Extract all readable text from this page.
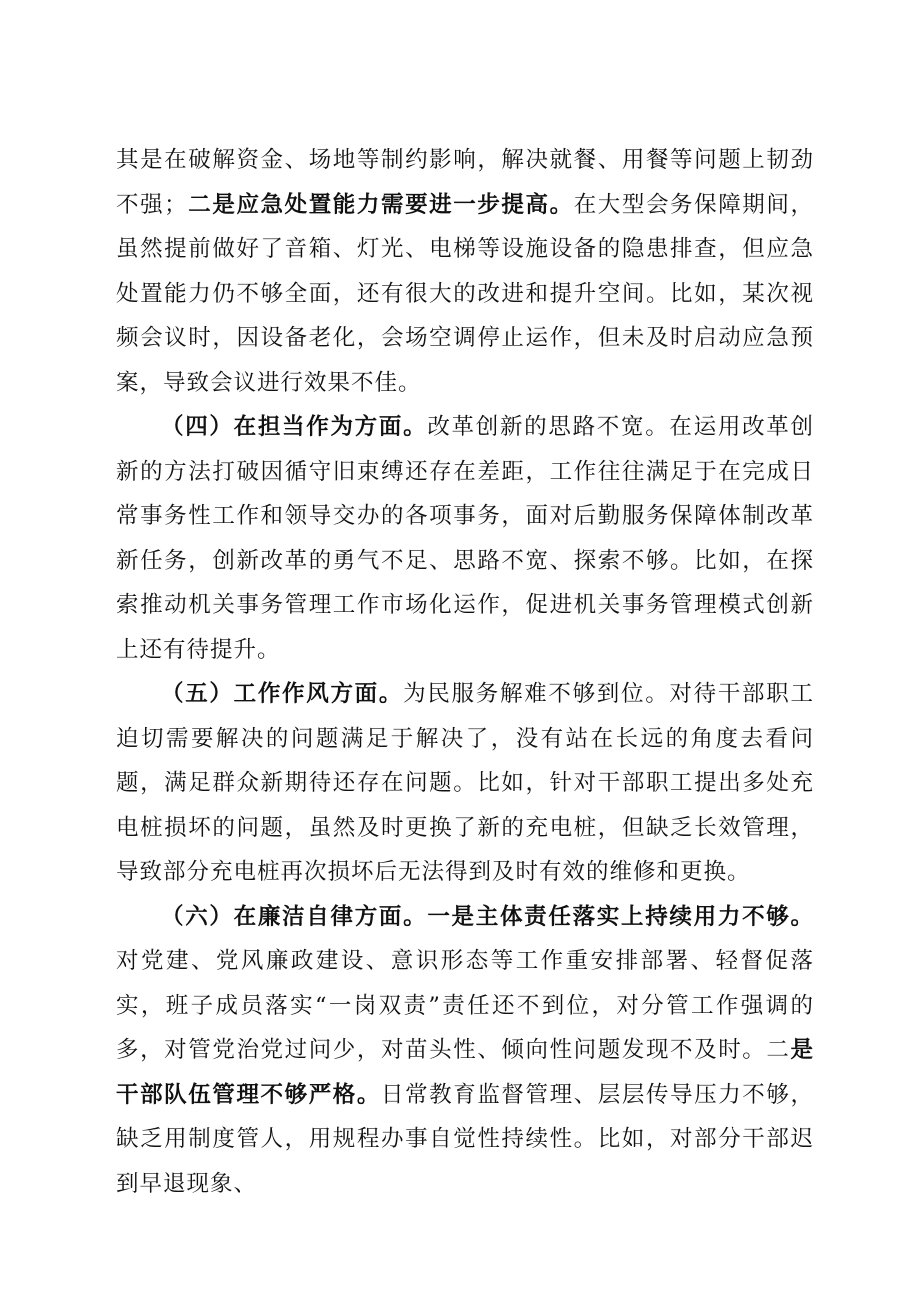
其是在破解资金、场地等制约影响，解决就餐、用餐等问题上韧劲不强；二是应急处置能力需要进一步提高。在大型会务保障期间，虽然提前做好了音箱、灯光、电梯等设施设备的隐患排查，但应急处置能力仍不够全面，还有很大的改进和提升空间。比如，某次视频会议时，因设备老化，会场空调停止运作，但未及时启动应急预案，导致会议进行效果不佳。

（四）在担当作为方面。改革创新的思路不宽。在运用改革创新的方法打破因循守旧束缚还存在差距，工作往往满足于在完成日常事务性工作和领导交办的各项事务，面对后勤服务保障体制改革新任务，创新改革的勇气不足、思路不宽、探索不够。比如，在探索推动机关事务管理工作市场化运作，促进机关事务管理模式创新上还有待提升。

（五）工作作风方面。为民服务解难不够到位。对待干部职工迫切需要解决的问题满足于解决了，没有站在长远的角度去看问题，满足群众新期待还存在问题。比如，针对干部职工提出多处充电桩损坏的问题，虽然及时更换了新的充电桩，但缺乏长效管理，导致部分充电桩再次损坏后无法得到及时有效的维修和更换。

（六）在廉洁自律方面。一是主体责任落实上持续用力不够。对党建、党风廉政建设、意识形态等工作重安排部署、轻督促落实，班子成员落实“一岗双责”责任还不到位，对分管工作强调的多，对管党治党过问少，对苗头性、倾向性问题发现不及时。二是干部队伍管理不够严格。日常教育监督管理、层层传导压力不够，缺乏用制度管人，用规程办事自觉性持续性。比如，对部分干部迟到早退现象、
